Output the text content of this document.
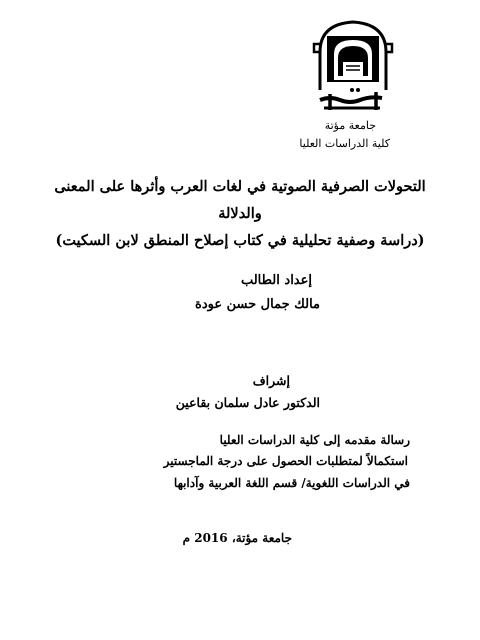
جامعة مؤتة
كلية الدراسات العليا
التحولات الصرفية الصوتية في لغات العرب وأثرها على المعنى
والدلالة
(دراسة وصفية تحليلية في كتاب إصلاح المنطق لابن السكيت)
إعداد الطالب
مالك جمال حسن عودة
إشراف
الدكتور عادل سلمان بقاعين
رسالة مقدمه إلى كلية الدراسات العليا
استكمالاً لمتطلبات الحصول على درجة الماجستير
في الدراسات اللغوية/ قسم اللغة العربية وآدابها
جامعة مؤتة، 2016 م
